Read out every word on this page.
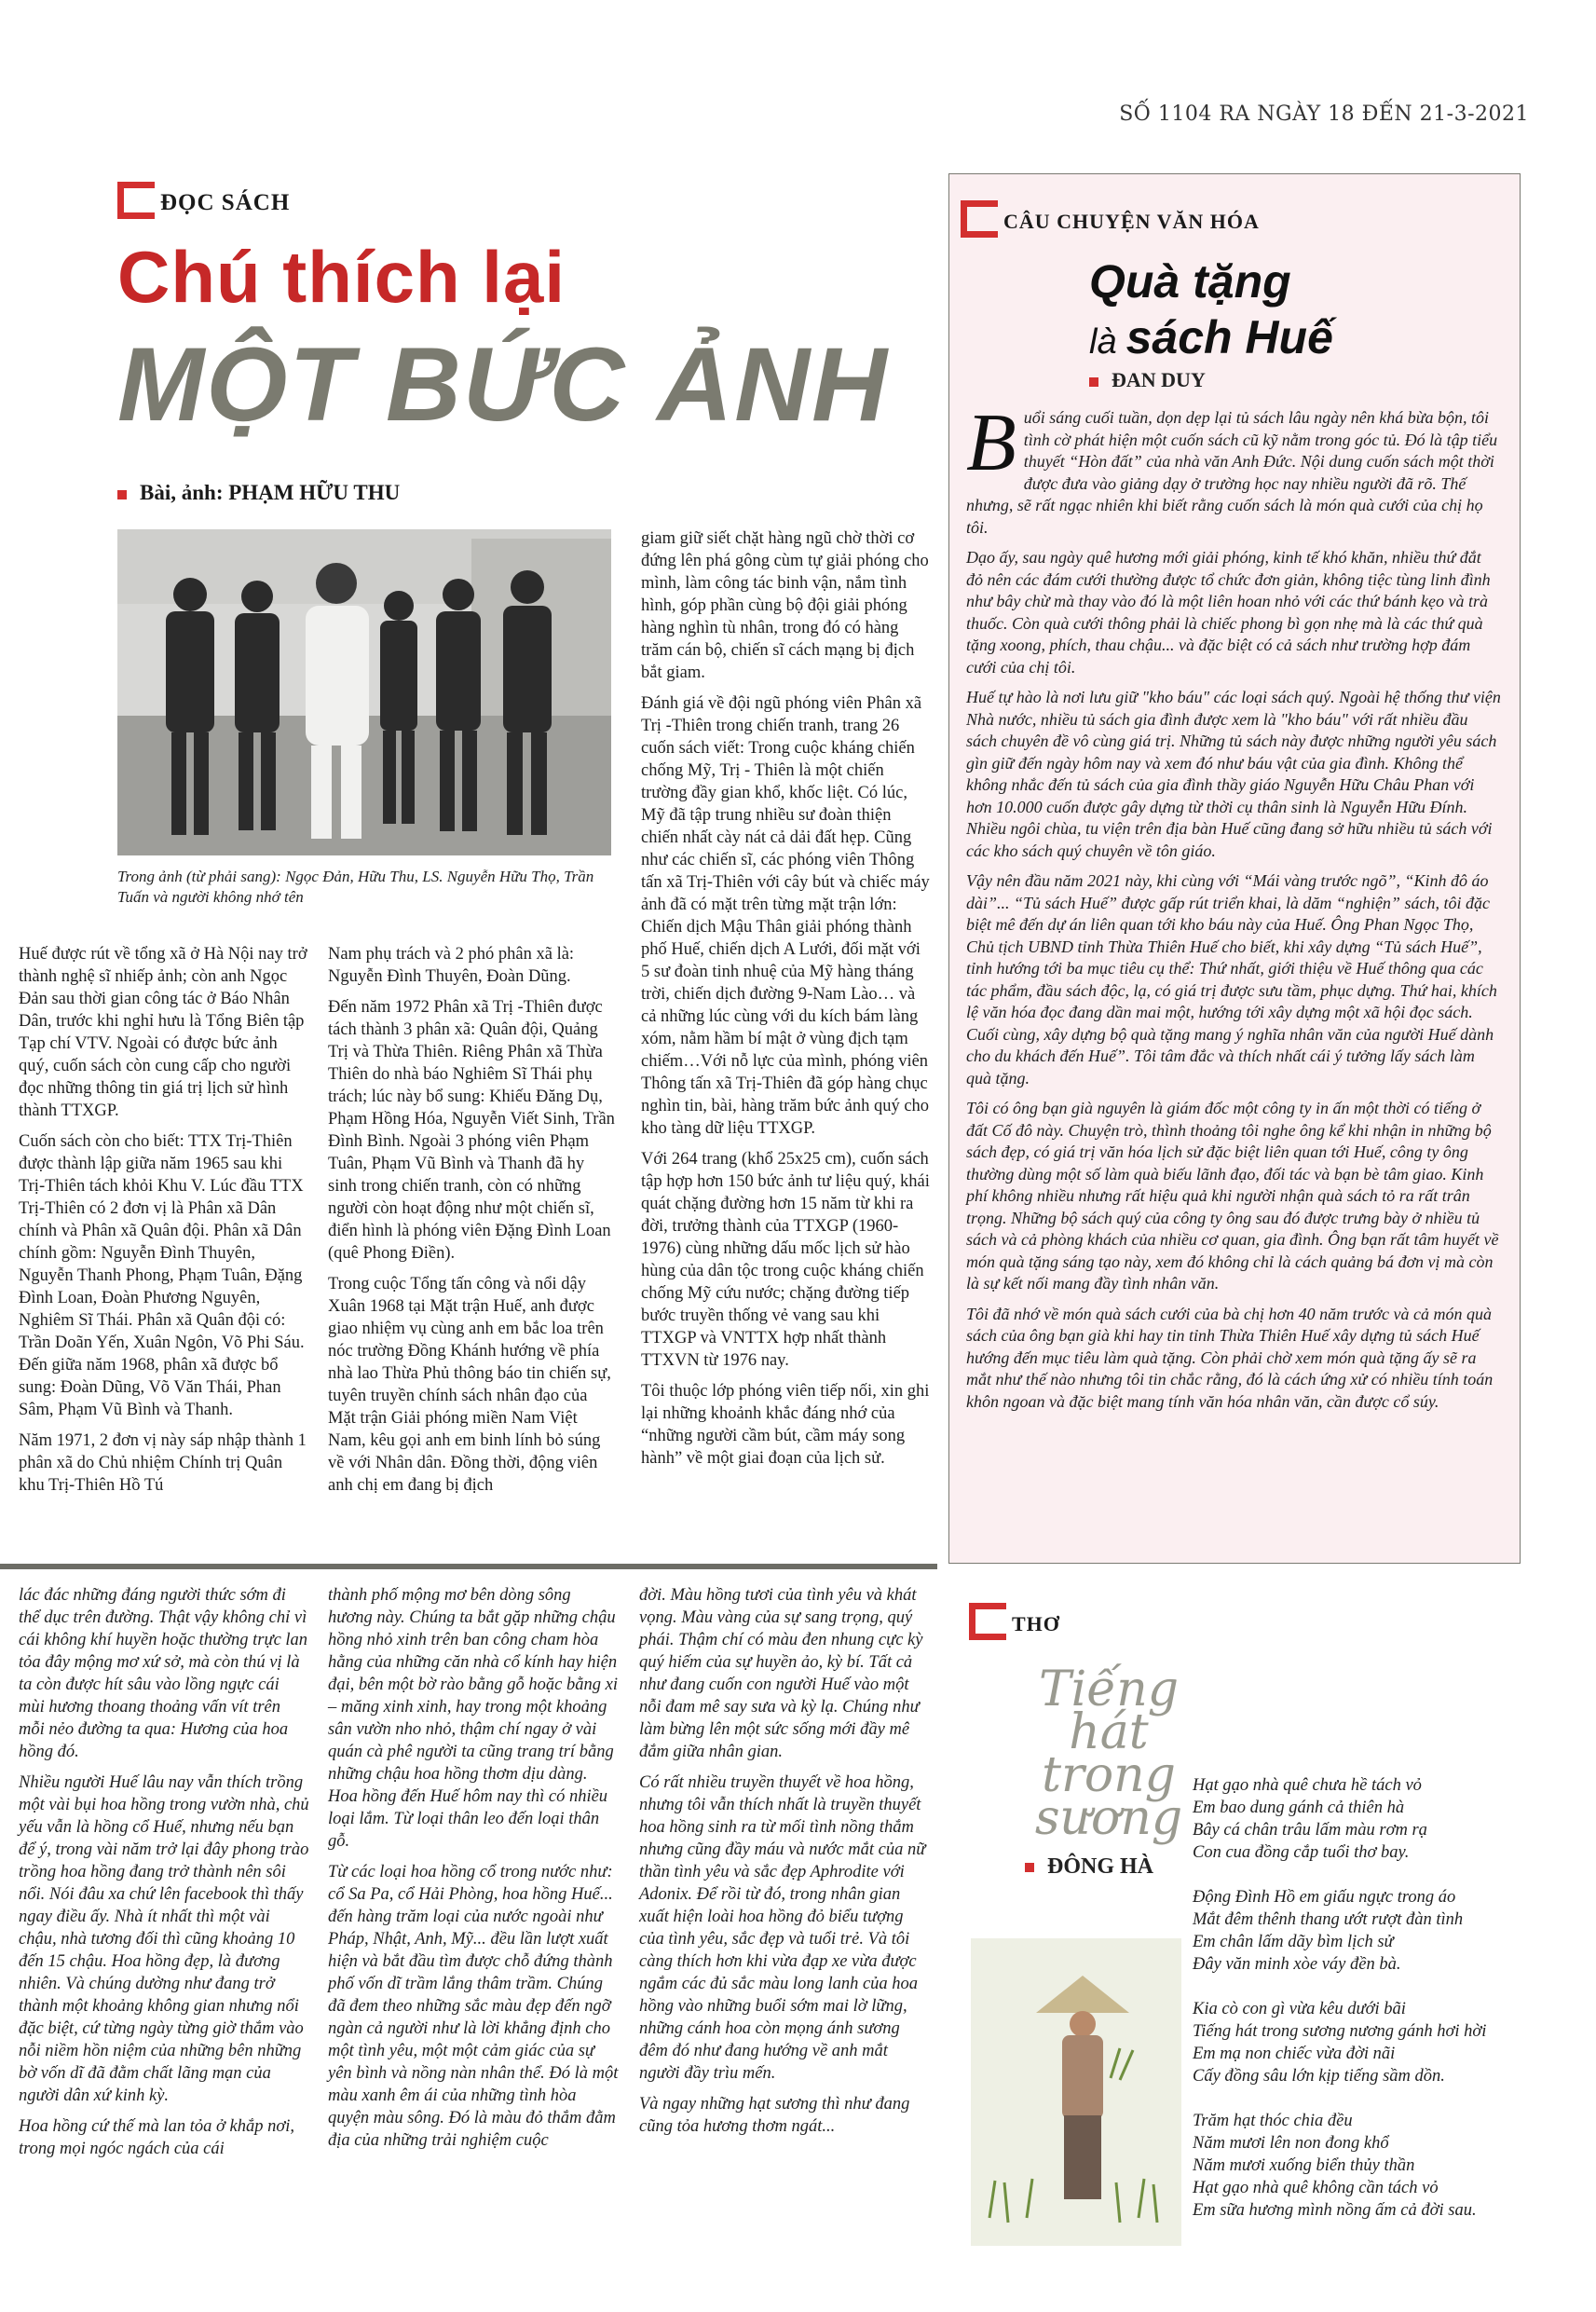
SỐ 1104 RA NGÀY 18 ĐẾN 21-3-2021
ĐỌC SÁCH
Chú thích lại
MỘT BỨC ẢNH
Bài, ảnh: PHẠM HỮU THU
Trong ảnh (từ phải sang): Ngọc Đản, Hữu Thu, LS. Nguyễn Hữu Thọ, Trần Tuấn và người không nhớ tên

Huế được rút về tổng xã ở Hà Nội nay trở thành nghệ sĩ nhiếp ảnh; còn anh Ngọc Đản sau thời gian công tác ở Báo Nhân Dân, trước khi nghỉ hưu là Tổng Biên tập Tạp chí VTV. Ngoài có được bức ảnh quý, cuốn sách còn cung cấp cho người đọc những thông tin giá trị lịch sử hình thành TTXGP.

Cuốn sách còn cho biết: TTX Trị-Thiên được thành lập giữa năm 1965 sau khi Trị-Thiên tách khỏi Khu V. Lúc đầu TTX Trị-Thiên có 2 đơn vị là Phân xã Dân chính và Phân xã Quân đội. Phân xã Dân chính gồm: Nguyễn Đình Thuyên, Nguyễn Thanh Phong, Phạm Tuân, Đặng Đình Loan, Đoàn Phương Nguyên, Nghiêm Sĩ Thái. Phân xã Quân đội có: Trần Doãn Yến, Xuân Ngôn, Võ Phi Sáu. Đến giữa năm 1968, phân xã được bổ sung: Đoàn Dũng, Võ Văn Thái, Phan Sâm, Phạm Vũ Bình và Thanh.

Năm 1971, 2 đơn vị này sáp nhập thành 1 phân xã do Chủ nhiệm Chính trị Quân khu Trị-Thiên Hồ Tú

Nam phụ trách và 2 phó phân xã là: Nguyễn Đình Thuyên, Đoàn Dũng.

Đến năm 1972 Phân xã Trị -Thiên được tách thành 3 phân xã: Quân đội, Quảng Trị và Thừa Thiên. Riêng Phân xã Thừa Thiên do nhà báo Nghiêm Sĩ Thái phụ trách; lúc này bổ sung: Khiếu Đăng Dụ, Phạm Hồng Hóa, Nguyễn Viết Sinh, Trần Đình Bình. Ngoài 3 phóng viên Phạm Tuân, Phạm Vũ Bình và Thanh đã hy sinh trong chiến tranh, còn có những người còn hoạt động như một chiến sĩ, điển hình là phóng viên Đặng Đình Loan (quê Phong Điền).

Trong cuộc Tổng tấn công và nổi dậy Xuân 1968 tại Mặt trận Huế, anh được giao nhiệm vụ cùng anh em bắc loa trên nóc trường Đồng Khánh hướng về phía nhà lao Thừa Phủ thông báo tin chiến sự, tuyên truyền chính sách nhân đạo của Mặt trận Giải phóng miền Nam Việt Nam, kêu gọi anh em binh lính bỏ súng về với Nhân dân. Đồng thời, động viên anh chị em đang bị địch

giam giữ siết chặt hàng ngũ chờ thời cơ đứng lên phá gông cùm tự giải phóng cho mình, làm công tác binh vận, nắm tình hình, góp phần cùng bộ đội giải phóng hàng nghìn tù nhân, trong đó có hàng trăm cán bộ, chiến sĩ cách mạng bị địch bắt giam.

Đánh giá về đội ngũ phóng viên Phân xã Trị -Thiên trong chiến tranh, trang 26 cuốn sách viết: Trong cuộc kháng chiến chống Mỹ, Trị - Thiên là một chiến trường đầy gian khổ, khốc liệt. Có lúc, Mỹ đã tập trung nhiều sư đoàn thiện chiến nhất cày nát cả dải đất hẹp. Cũng như các chiến sĩ, các phóng viên Thông tấn xã Trị-Thiên với cây bút và chiếc máy ảnh đã có mặt trên từng mặt trận lớn: Chiến dịch Mậu Thân giải phóng thành phố Huế, chiến dịch A Lưới, đối mặt với 5 sư đoàn tinh nhuệ của Mỹ hàng tháng trời, chiến dịch đường 9-Nam Lào… và cả những lúc cùng với du kích bám làng xóm, nằm hầm bí mật ở vùng địch tạm chiếm…Với nỗ lực của mình, phóng viên Thông tấn xã Trị-Thiên đã góp hàng chục nghìn tin, bài, hàng trăm bức ảnh quý cho kho tàng dữ liệu TTXGP.

Với 264 trang (khổ 25x25 cm), cuốn sách tập hợp hơn 150 bức ảnh tư liệu quý, khái quát chặng đường hơn 15 năm từ khi ra đời, trưởng thành của TTXGP (1960-1976) cùng những dấu mốc lịch sử hào hùng của dân tộc trong cuộc kháng chiến chống Mỹ cứu nước; chặng đường tiếp bước truyền thống vẻ vang sau khi TTXGP và VNTTX hợp nhất thành TTXVN từ 1976 nay.

Tôi thuộc lớp phóng viên tiếp nối, xin ghi lại những khoảnh khắc đáng nhớ của “những người cầm bút, cầm máy song hành” về một giai đoạn của lịch sử.

lác đác những đáng người thức sớm đi thể dục trên đường. Thật vậy không chỉ vì cái không khí huyền hoặc thường trực lan tỏa đây mộng mơ xứ sở, mà còn thú vị là ta còn được hít sâu vào lồng ngực cái mùi hương thoang thoảng vấn vít trên mỗi nẻo đường ta qua: Hương của hoa hồng đó.

Nhiều người Huế lâu nay vẫn thích trồng một vài bụi hoa hồng trong vườn nhà, chủ yếu vẫn là hồng cổ Huế, nhưng nếu bạn để ý, trong vài năm trở lại đây phong trào trồng hoa hồng đang trở thành nên sôi nổi. Nói đâu xa chứ lên facebook thì thấy ngay điều ấy. Nhà ít nhất thì một vài chậu, nhà tương đối thì cũng khoảng 10 đến 15 chậu. Hoa hồng đẹp, là đương nhiên. Và chúng dường như đang trở thành một khoảng không gian nhưng nổi đặc biệt, cứ từng ngày từng giờ thắm vào nỗi niềm hồn niệm của những bên những bờ vốn dĩ đã đằm chất lãng mạn của người dân xứ kinh kỳ.

Hoa hồng cứ thế mà lan tỏa ở khắp nơi, trong mọi ngóc ngách của cái

thành phố mộng mơ bên dòng sông hương này. Chúng ta bắt gặp những chậu hồng nhỏ xinh trên ban công cham hòa hằng của những căn nhà cổ kính hay hiện đại, bên một bờ rào bằng gỗ hoặc bằng xi – măng xinh xinh, hay trong một khoảng sân vườn nho nhỏ, thậm chí ngay ở vài quán cà phê người ta cũng trang trí bằng những chậu hoa hồng thơm dịu dàng. Hoa hồng đến Huế hôm nay thì có nhiều loại lắm. Từ loại thân leo đến loại thân gỗ.

Từ các loại hoa hồng cổ trong nước như: cổ Sa Pa, cổ Hải Phòng, hoa hồng Huế... đến hàng trăm loại của nước ngoài như Pháp, Nhật, Anh, Mỹ... đều lần lượt xuất hiện và bắt đầu tìm được chỗ đứng thành phố vốn dĩ trầm lắng thâm trầm. Chúng đã đem theo những sắc màu đẹp đến ngỡ ngàn cả người như là lời khẳng định cho một tình yêu, một một cảm giác của sự yên bình và nồng nàn nhân thể. Đó là một màu xanh êm ái của những tình hòa quyện màu sông. Đó là màu đỏ thắm đằm địa của những trải nghiệm cuộc

đời. Màu hồng tươi của tình yêu và khát vọng. Màu vàng của sự sang trọng, quý phái. Thậm chí có màu đen nhung cực kỳ quý hiếm của sự huyền ảo, kỳ bí. Tất cả như đang cuốn con người Huế vào một nỗi đam mê say sưa và kỳ lạ. Chúng như làm bừng lên một sức sống mới đầy mê đắm giữa nhân gian.

Có rất nhiều truyền thuyết về hoa hồng, nhưng tôi vẫn thích nhất là truyền thuyết hoa hồng sinh ra từ mối tình nồng thắm nhưng cũng đầy máu và nước mắt của nữ thần tình yêu và sắc đẹp Aphrodite với Adonix. Để rồi từ đó, trong nhân gian xuất hiện loài hoa hồng đỏ biểu tượng của tình yêu, sắc đẹp và tuổi trẻ. Và tôi càng thích hơn khi vừa đạp xe vừa được ngắm các đủ sắc màu long lanh của hoa hồng vào những buổi sớm mai lờ lững, những cánh hoa còn mọng ánh sương đêm đó như đang hướng về anh mắt người đầy trìu mến.

Và ngay những hạt sương thì như đang cũng tỏa hương thơm ngát...

CÂU CHUYỆN VĂN HÓA
Quà tặng
là sách Huế
ĐAN DUY

Buổi sáng cuối tuần, dọn dẹp lại tủ sách lâu ngày nên khá bừa bộn, tôi tình cờ phát hiện một cuốn sách cũ kỹ nằm trong góc tủ. Đó là tập tiểu thuyết “Hòn đất” của nhà văn Anh Đức. Nội dung cuốn sách một thời được đưa vào giảng dạy ở trường học nay nhiều người đã rõ. Thế nhưng, sẽ rất ngạc nhiên khi biết rằng cuốn sách là món quà cưới của chị họ tôi.

Dạo ấy, sau ngày quê hương mới giải phóng, kinh tế khó khăn, nhiều thứ đắt đỏ nên các đám cưới thường được tổ chức đơn giản, không tiệc tùng linh đình như bây chừ mà thay vào đó là một liên hoan nhỏ với các thứ bánh kẹo và trà thuốc. Còn quà cưới thông phải là chiếc phong bì gọn nhẹ mà là các thứ quà tặng xoong, phích, thau chậu... và đặc biệt có cả sách như trường hợp đám cưới của chị tôi.

Huế tự hào là nơi lưu giữ "kho báu" các loại sách quý. Ngoài hệ thống thư viện Nhà nước, nhiều tủ sách gia đình được xem là "kho báu" với rất nhiều đầu sách chuyên đề vô cùng giá trị. Những tủ sách này được những người yêu sách gìn giữ đến ngày hôm nay và xem đó như báu vật của gia đình. Không thể không nhắc đến tủ sách của gia đình thầy giáo Nguyễn Hữu Châu Phan với hơn 10.000 cuốn được gây dựng từ thời cụ thân sinh là Nguyễn Hữu Đính. Nhiều ngôi chùa, tu viện trên địa bàn Huế cũng đang sở hữu nhiều tủ sách với các kho sách quý chuyên về tôn giáo.

Vậy nên đầu năm 2021 này, khi cùng với “Mái vàng trước ngõ”, “Kinh đô áo dài”... “Tủ sách Huế” được gấp rút triển khai, là dăm “nghiện” sách, tôi đặc biệt mê đến dự án liên quan tới kho báu này của Huế. Ông Phan Ngọc Thọ, Chủ tịch UBND tỉnh Thừa Thiên Huế cho biết, khi xây dựng “Tủ sách Huế”, tỉnh hướng tới ba mục tiêu cụ thể: Thứ nhất, giới thiệu về Huế thông qua các tác phẩm, đầu sách độc, lạ, có giá trị được sưu tầm, phục dựng. Thứ hai, khích lệ văn hóa đọc đang dần mai một, hướng tới xây dựng một xã hội đọc sách. Cuối cùng, xây dựng bộ quà tặng mang ý nghĩa nhân văn của người Huế dành cho du khách đến Huế”. Tôi tâm đắc và thích nhất cái ý tưởng lấy sách làm quà tặng.

Tôi có ông bạn già nguyên là giám đốc một công ty in ấn một thời có tiếng ở đất Cố đô này. Chuyện trò, thình thoảng tôi nghe ông kể khi nhận in những bộ sách đẹp, có giá trị văn hóa lịch sử đặc biệt liên quan tới Huế, công ty ông thường dùng một số làm quà biếu lãnh đạo, đối tác và bạn bè tâm giao. Kinh phí không nhiều nhưng rất hiệu quả khi người nhận quà sách tỏ ra rất trân trọng. Những bộ sách quý của công ty ông sau đó được trưng bày ở nhiều tủ sách và cả phòng khách của nhiều cơ quan, gia đình. Ông bạn rất tâm huyết về món quà tặng sáng tạo này, xem đó không chỉ là cách quảng bá đơn vị mà còn là sự kết nối mang đầy tình nhân văn.

Tôi đã nhớ về món quà sách cưới của bà chị hơn 40 năm trước và cả món quà sách của ông bạn già khi hay tin tỉnh Thừa Thiên Huế xây dựng tủ sách Huế hướng đến mục tiêu làm quà tặng. Còn phải chờ xem món quà tặng ấy sẽ ra mắt như thế nào nhưng tôi tin chắc rằng, đó là cách ứng xử có nhiều tính toán khôn ngoan và đặc biệt mang tính văn hóa nhân văn, cần được cổ súy.

THƠ
Tiếng
hát
trong
sương
ĐÔNG HÀ

Hạt gạo nhà quê chưa hề tách vỏ
Em bao dung gánh cả thiên hà
Bây cá chân trâu lấm màu rơm rạ
Con cua đồng cắp tuổi thơ bay.

Động Đình Hồ em giấu ngực trong áo
Mắt đêm thênh thang ướt rượt đàn tình
Em chân lấm dãy bìm lịch sử
Đây văn minh xòe váy đền bà.

Kia cò con gì vừa kêu dưới bãi
Tiếng hát trong sương nương gánh hơi hời
Em mạ non chiếc vừa đời nãi
Cấy đồng sâu lớn kịp tiếng sầm dồn.

Trăm hạt thóc chia đều
Năm mươi lên non đong khổ
Năm mươi xuống biển thủy thần
Hạt gạo nhà quê không cần tách vỏ
Em sữa hương mình nồng ấm cả đời sau.
